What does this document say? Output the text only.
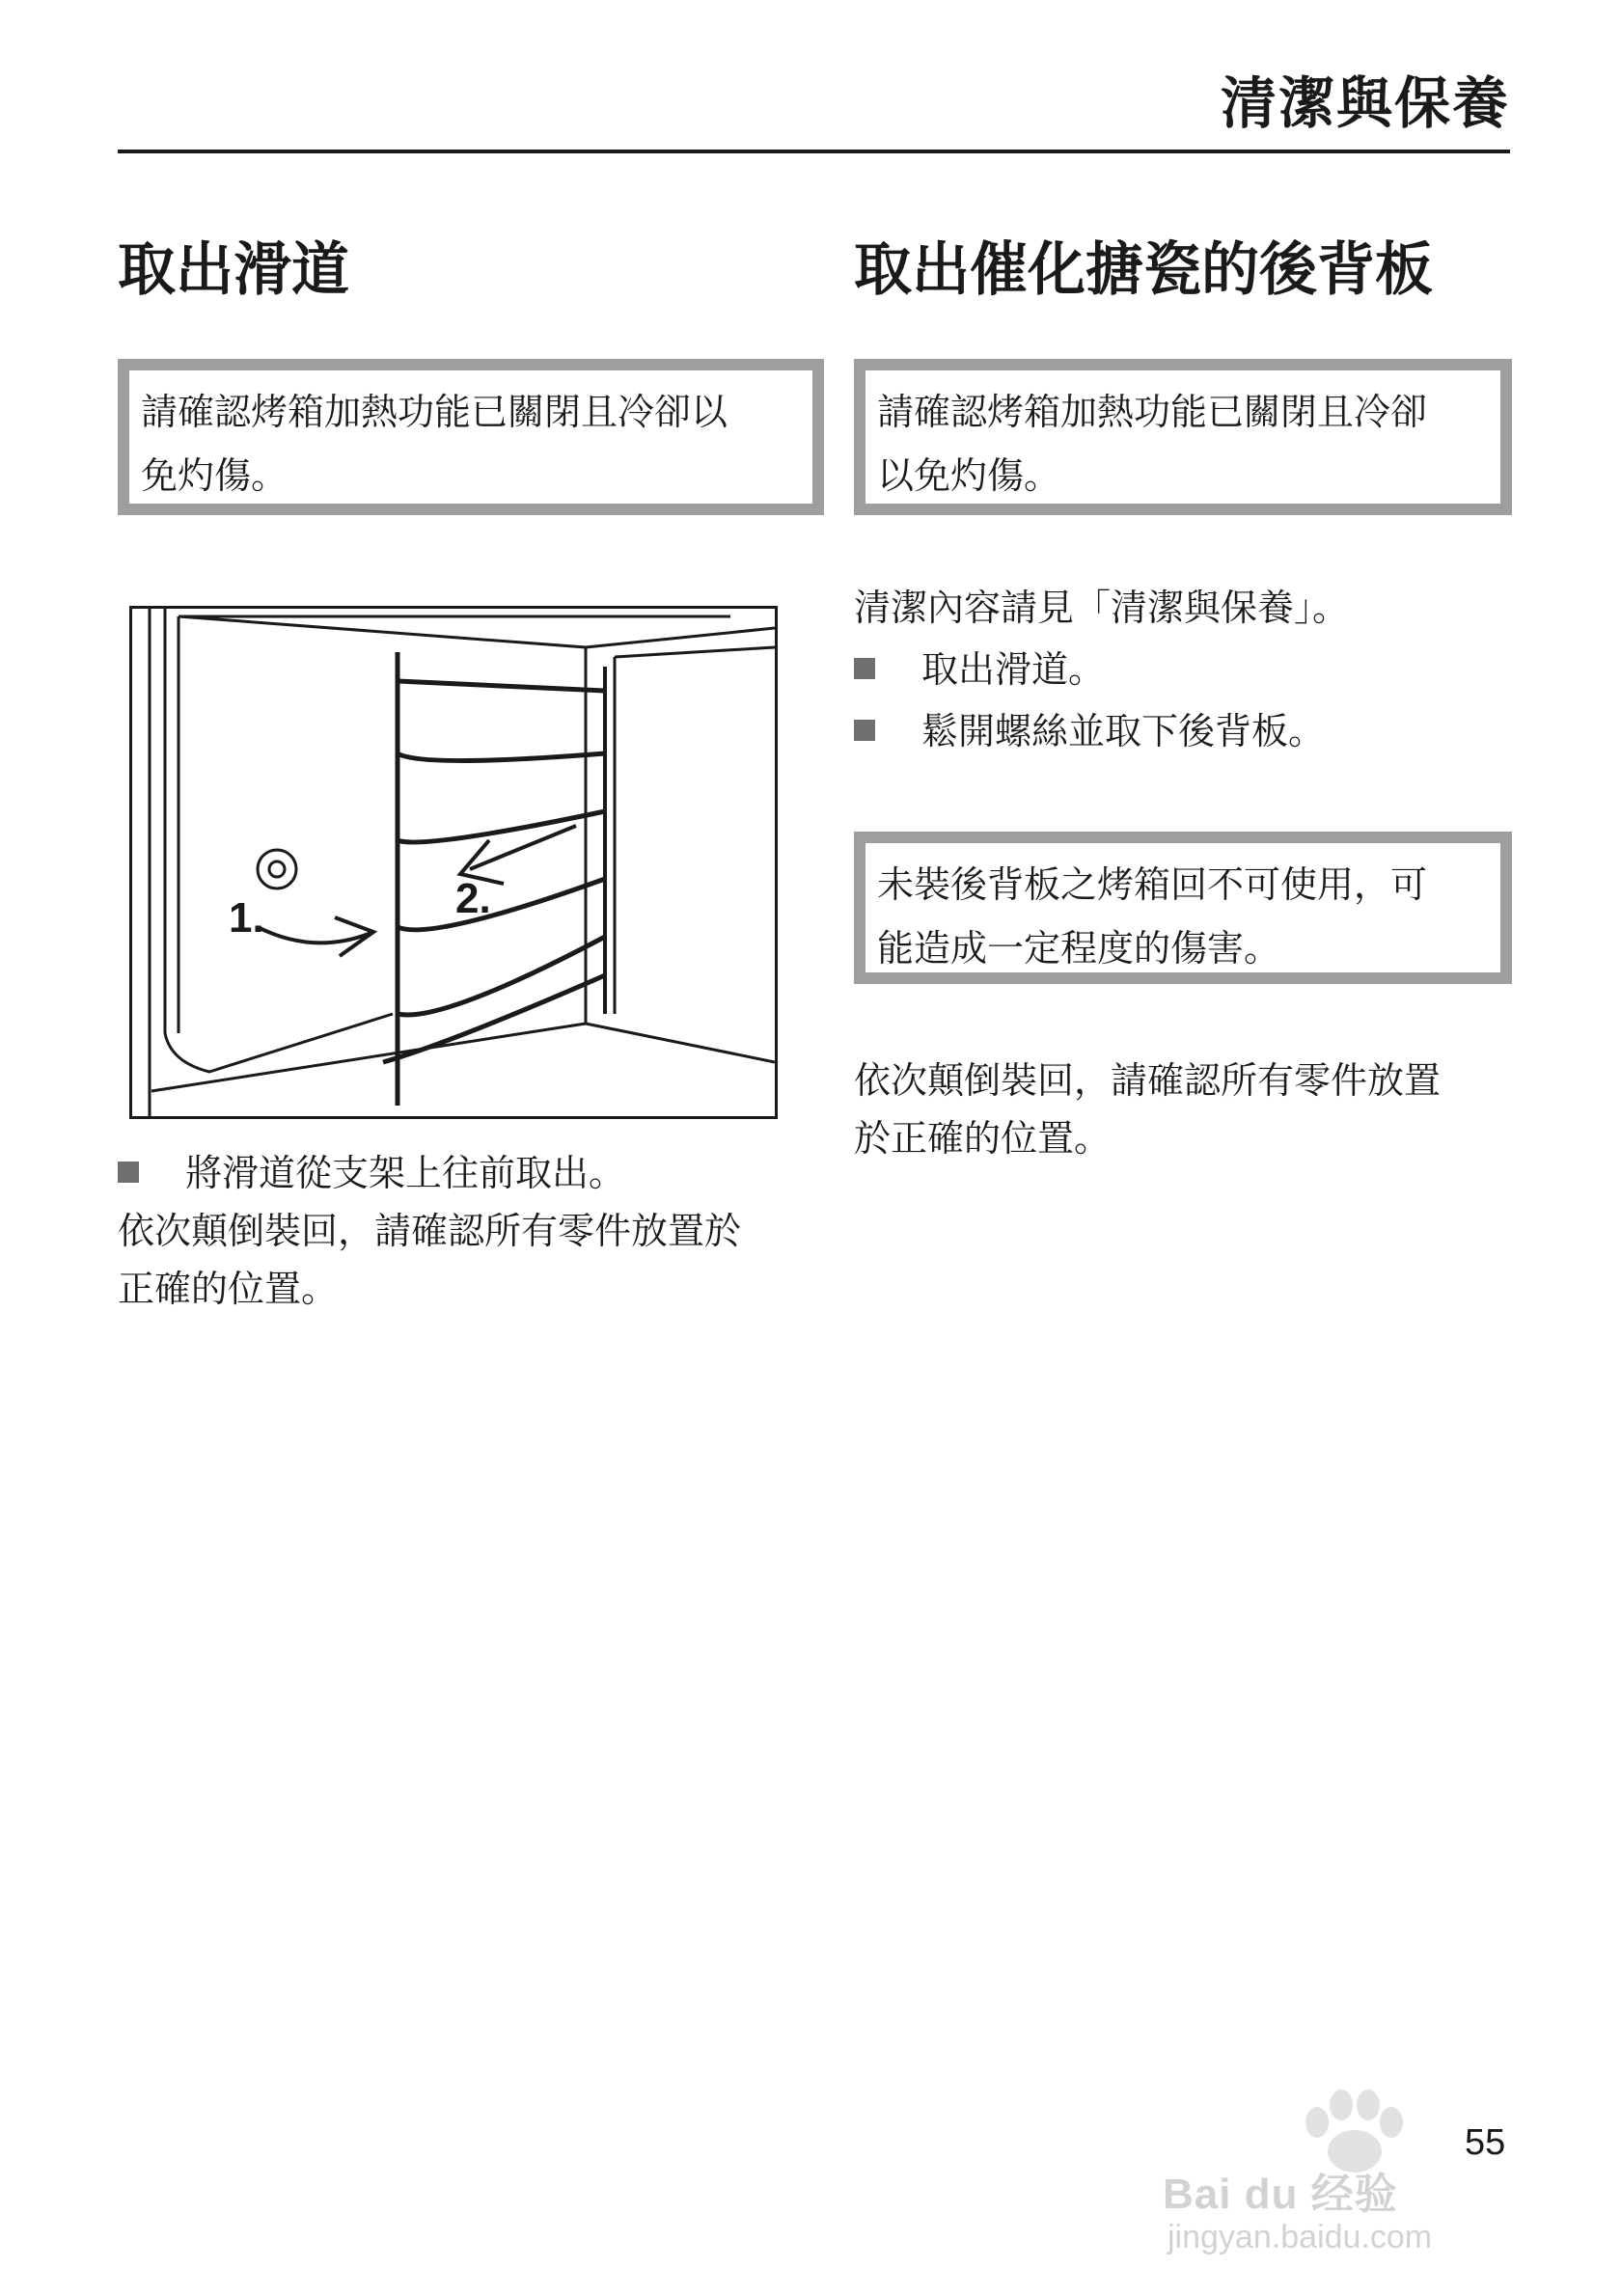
清潔與保養
取出滑道
請確認烤箱加熱功能已關閉且冷卻以
免灼傷。
1.	2.
將滑道從支架上往前取出。
依次顛倒裝回，請確認所有零件放置於
正確的位置。
取出催化搪瓷的後背板
請確認烤箱加熱功能已關閉且冷卻
以免灼傷。
清潔內容請見「清潔與保養」。
取出滑道。
鬆開螺絲並取下後背板。
未裝後背板之烤箱回不可使用，可
能造成一定程度的傷害。
依次顛倒裝回，請確認所有零件放置
於正確的位置。
Bai du 经验
jingyan.baidu.com
55
